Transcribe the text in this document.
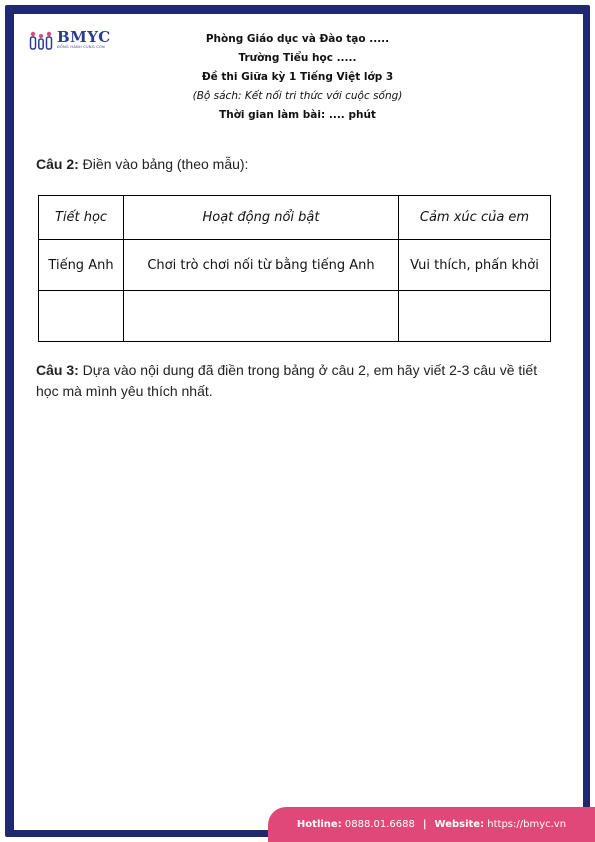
BMYC
ĐỒNG HÀNH CÙNG CON
Phòng Giáo dục và Đào tạo .....
Trường Tiểu học .....
Đề thi Giữa kỳ 1 Tiếng Việt lớp 3
(Bộ sách: Kết nối tri thức với cuộc sống)
Thời gian làm bài: .... phút
Câu 2: Điền vào bảng (theo mẫu):
Tiết học	Hoạt động nổi bật	Cảm xúc của em
Tiếng Anh	Chơi trò chơi nối từ bằng tiếng Anh	Vui thích, phấn khởi

Câu 3: Dựa vào nội dung đã điền trong bảng ở câu 2, em hãy viết 2-3 câu về tiết học mà mình yêu thích nhất.
Hotline:
0888.01.6688 | Website:
https://bmyc.vn
